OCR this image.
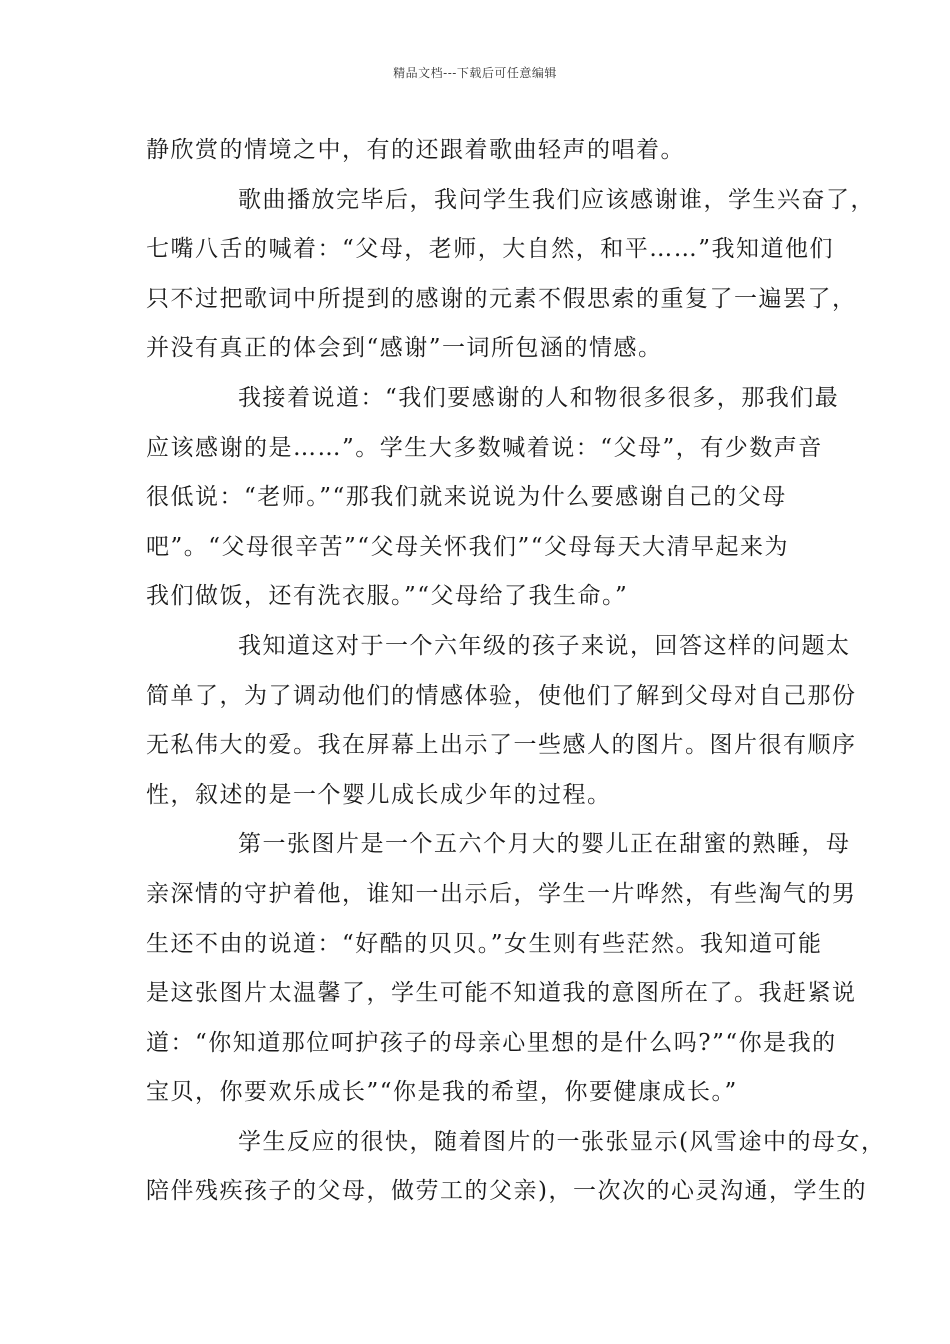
精品文档---下载后可任意编辑
静欣赏的情境之中，有的还跟着歌曲轻声的唱着。
歌曲播放完毕后，我问学生我们应该感谢谁，学生兴奋了，
七嘴八舌的喊着：“父母，老师，大自然，和平……”我知道他们
只不过把歌词中所提到的感谢的元素不假思索的重复了一遍罢了，
并没有真正的体会到“感谢”一词所包涵的情感。
我接着说道：“我们要感谢的人和物很多很多，那我们最
应该感谢的是……”。学生大多数喊着说：“父母”，有少数声音
很低说：“老师。”“那我们就来说说为什么要感谢自己的父母
吧”。“父母很辛苦”“父母关怀我们”“父母每天大清早起来为
我们做饭，还有洗衣服。”“父母给了我生命。”
我知道这对于一个六年级的孩子来说，回答这样的问题太
简单了，为了调动他们的情感体验，使他们了解到父母对自己那份
无私伟大的爱。我在屏幕上出示了一些感人的图片。图片很有顺序
性，叙述的是一个婴儿成长成少年的过程。
第一张图片是一个五六个月大的婴儿正在甜蜜的熟睡，母
亲深情的守护着他，谁知一出示后，学生一片哗然，有些淘气的男
生还不由的说道：“好酷的贝贝。”女生则有些茫然。我知道可能
是这张图片太温馨了，学生可能不知道我的意图所在了。我赶紧说
道：“你知道那位呵护孩子的母亲心里想的是什么吗?”“你是我的
宝贝，你要欢乐成长”“你是我的希望，你要健康成长。”
学生反应的很快，随着图片的一张张显示(风雪途中的母女，
陪伴残疾孩子的父母，做劳工的父亲)，一次次的心灵沟通，学生的
